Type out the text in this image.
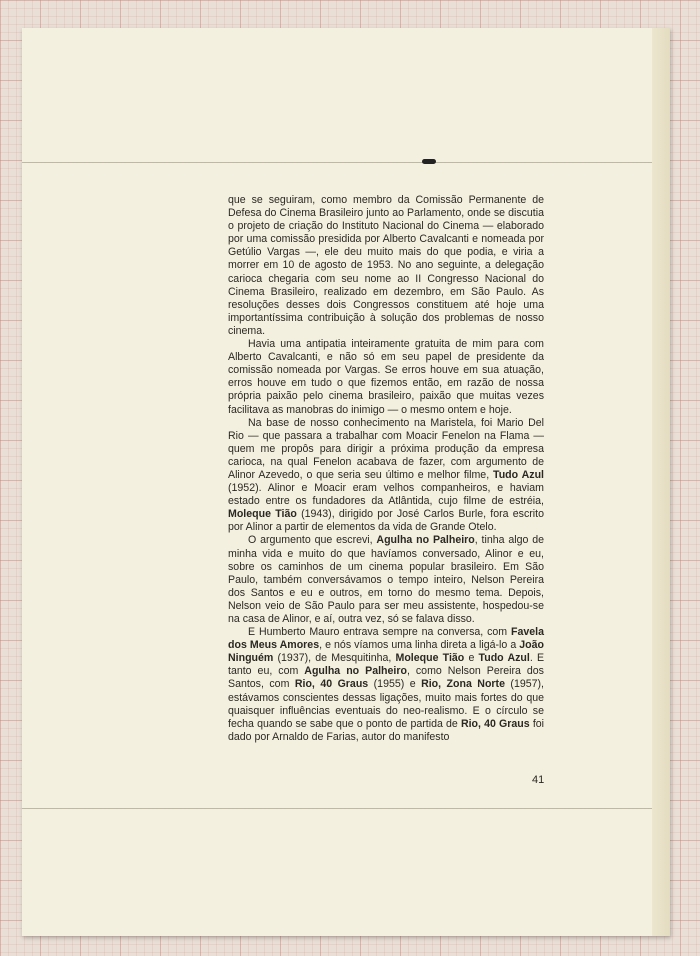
que se seguiram, como membro da Comissão Permanente de Defesa do Cinema Brasileiro junto ao Parlamento, onde se discutia o projeto de criação do Instituto Nacional do Cinema — elaborado por uma comissão presidida por Alberto Cavalcanti e nomeada por Getúlio Vargas —, ele deu muito mais do que podia, e viria a morrer em 10 de agosto de 1953. No ano seguinte, a delegação carioca chegaria com seu nome ao II Congresso Nacional do Cinema Brasileiro, realizado em dezembro, em São Paulo. As resoluções desses dois Congressos constituem até hoje uma importantíssima contribuição à solução dos problemas de nosso cinema.

Havia uma antipatia inteiramente gratuita de mim para com Alberto Cavalcanti, e não só em seu papel de presidente da comissão nomeada por Vargas. Se erros houve em sua atuação, erros houve em tudo o que fizemos então, em razão de nossa própria paixão pelo cinema brasileiro, paixão que muitas vezes facilitava as manobras do inimigo — o mesmo ontem e hoje.

Na base de nosso conhecimento na Maristela, foi Mario Del Rio — que passara a trabalhar com Moacir Fenelon na Flama — quem me propôs para dirigir a próxima produção da empresa carioca, na qual Fenelon acabava de fazer, com argumento de Alinor Azevedo, o que seria seu último e melhor filme, Tudo Azul (1952). Alinor e Moacir eram velhos companheiros, e haviam estado entre os fundadores da Atlântida, cujo filme de estréia, Moleque Tião (1943), dirigido por José Carlos Burle, fora escrito por Alinor a partir de elementos da vida de Grande Otelo.

O argumento que escrevi, Agulha no Palheiro, tinha algo de minha vida e muito do que havíamos conversado, Alinor e eu, sobre os caminhos de um cinema popular brasileiro. Em São Paulo, também conversávamos o tempo inteiro, Nelson Pereira dos Santos e eu e outros, em torno do mesmo tema. Depois, Nelson veio de São Paulo para ser meu assistente, hospedou-se na casa de Alinor, e aí, outra vez, só se falava disso.

E Humberto Mauro entrava sempre na conversa, com Favela dos Meus Amores, e nós víamos uma linha direta a ligá-lo a João Ninguém (1937), de Mesquitinha, Moleque Tião e Tudo Azul. E tanto eu, com Agulha no Palheiro, como Nelson Pereira dos Santos, com Rio, 40 Graus (1955) e Rio, Zona Norte (1957), estávamos conscientes dessas ligações, muito mais fortes do que quaisquer influências eventuais do neo-realismo. E o círculo se fecha quando se sabe que o ponto de partida de Rio, 40 Graus foi dado por Arnaldo de Farias, autor do manifesto

41
